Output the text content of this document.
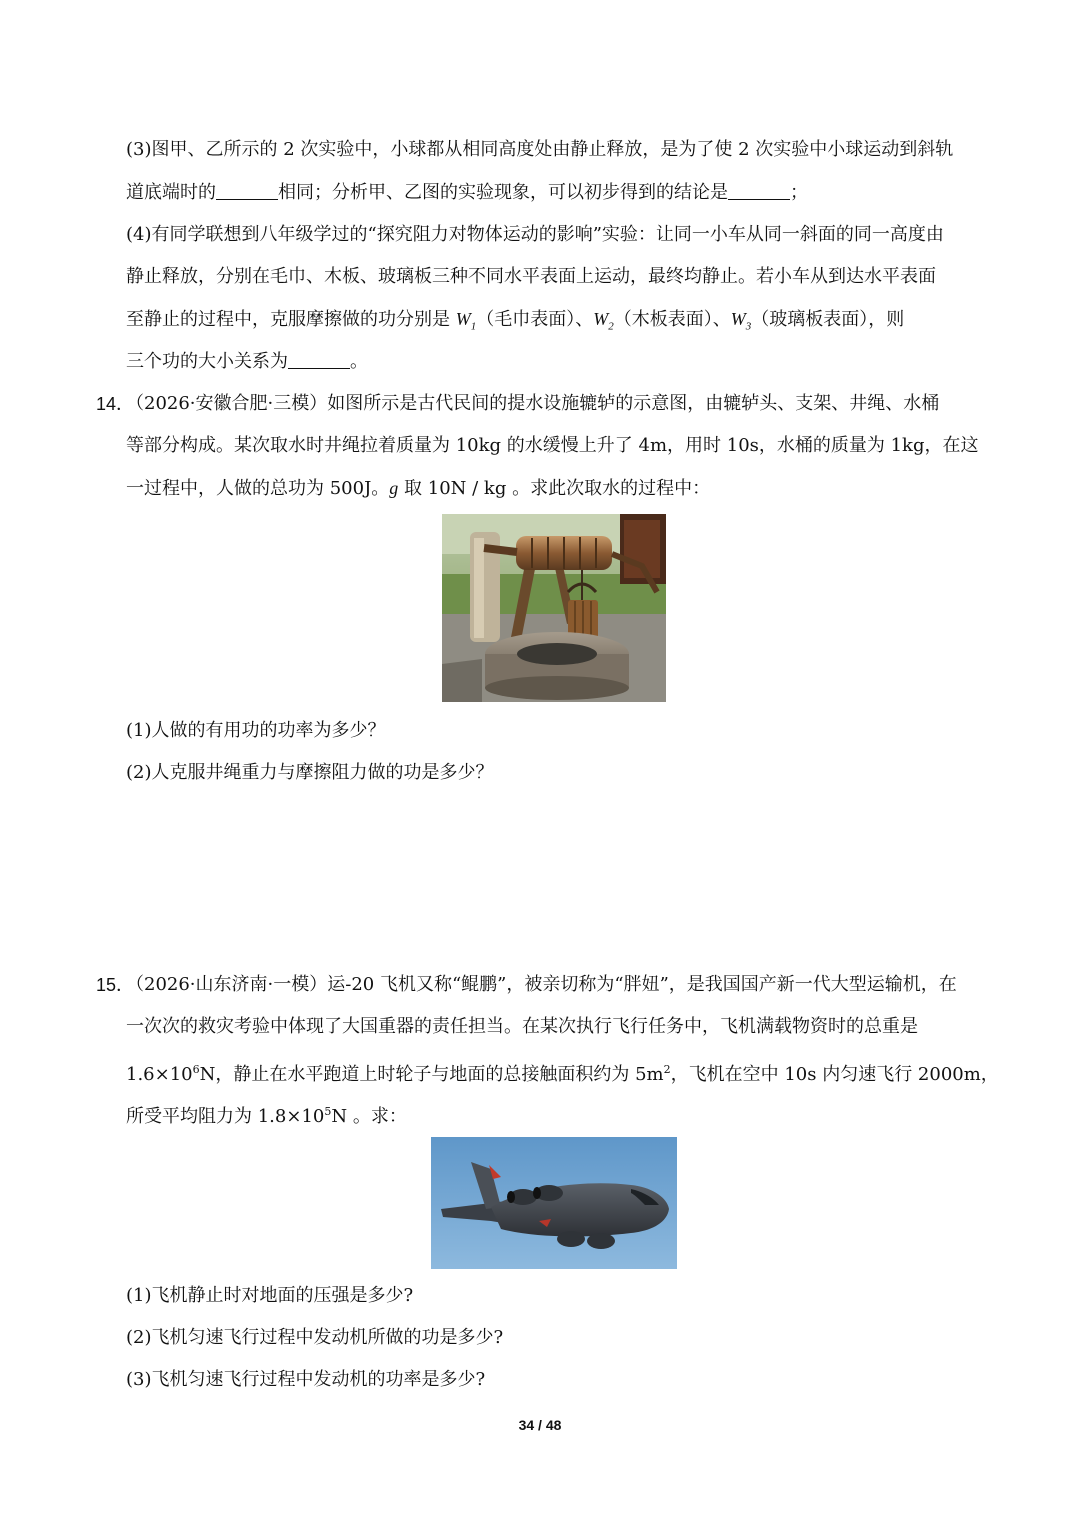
(3)图甲、乙所示的 2 次实验中，小球都从相同高度处由静止释放，是为了使 2 次实验中小球运动到斜轨
道底端时的	相同；分析甲、乙图的实验现象，可以初步得到的结论是	；
(4)有同学联想到八年级学过的“探究阻力对物体运动的影响”实验：让同一小车从同一斜面的同一高度由
静止释放，分别在毛巾、木板、玻璃板三种不同水平表面上运动，最终均静止。若小车从到达水平表面
至静止的过程中，克服摩擦做的功分别是 $W_1$（毛巾表面）、$W_2$（木板表面）、$W_3$（玻璃板表面），则
三个功的大小关系为	。
14．
（2026·安徽合肥·三模）如图所示是古代民间的提水设施辘轳的示意图，由辘轳头、支架、井绳、水桶
等部分构成。某次取水时井绳拉着质量为 10kg 的水缓慢上升了 4m，用时 10s，水桶的质量为 1kg，在这
一过程中，人做的总功为 500J。g 取 10N / kg 。求此次取水的过程中：
(1)人做的有用功的功率为多少？
(2)人克服井绳重力与摩擦阻力做的功是多少？
15．
（2026·山东济南·一模）运-20 飞机又称“鲲鹏”，被亲切称为“胖妞”，是我国国产新一代大型运输机，在
一次次的救灾考验中体现了大国重器的责任担当。在某次执行飞行任务中，飞机满载物资时的总重是
$1.6\times 10^6N$，静止在水平跑道上时轮子与地面的总接触面积约为 $5m^2$，飞机在空中 10s 内匀速飞行 2000m，
所受平均阻力为 $1.8\times 10^5N$ 。求：
(1)飞机静止时对地面的压强是多少?
(2)飞机匀速飞行过程中发动机所做的功是多少?
(3)飞机匀速飞行过程中发动机的功率是多少?
34 / 48
